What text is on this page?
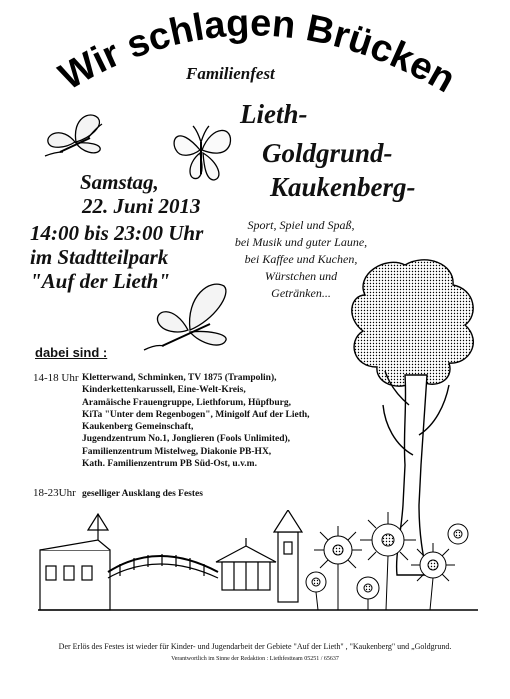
Wir schlagen Brücken
Familienfest
Lieth-
Goldgrund-
Kaukenberg-
Samstag,
22. Juni 2013
14:00 bis 23:00 Uhr
im Stadtteilpark
"Auf der Lieth"
Sport, Spiel und Spaß,
bei Musik und guter Laune,
bei Kaffee und Kuchen,
Würstchen und
Getränken...
dabei sind :
14-18 Uhr Kletterwand, Schminken, TV 1875 (Trampolin),
Kinderkettenkarussell, Eine-Welt-Kreis,
Aramäische Frauengruppe, Liethforum, Hüpfburg,
KiTa "Unter dem Regenbogen", Minigolf Auf der Lieth,
Kaukenberg Gemeinschaft,
Jugendzentrum No.1, Jonglieren (Fools Unlimited),
Familienzentrum Mistelweg, Diakonie PB-HX,
Kath. Familienzentrum PB Süd-Ost, u.v.m.
18-23Uhr geselliger Ausklang des Festes
Der Erlös des Festes ist wieder für Kinder- und Jugendarbeit der Gebiete "Auf der Lieth" , "Kaukenberg" und „Goldgrund.
Verantwortlich im Sinne der Redaktion : Liethfestteam 05251 / 65637
